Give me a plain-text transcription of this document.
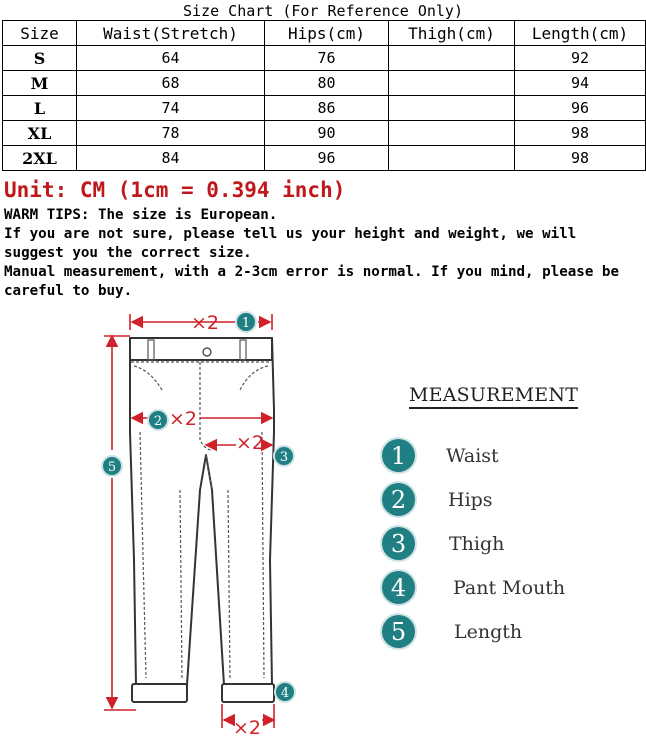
Size Chart (For Reference Only)
Size	Waist(Stretch)	Hips(cm)	Thigh(cm)	Length(cm)
S	64	76		92
M	68	80		94
L	74	86		96
XL	78	90		98
2XL	84	96		98
Unit: CM (1cm = 0.394 inch)
WARM TIPS: The size is European.
If you are not sure, please tell us your height and weight, we will suggest you the correct size.
Manual measurement, with a 2-3cm error is normal. If you mind, please be careful to buy.
×2
×2
×2
×2
1
2
3
4
5
MEASUREMENT
1	Waist
2	Hips
3	Thigh
4	Pant Mouth
5	Length
